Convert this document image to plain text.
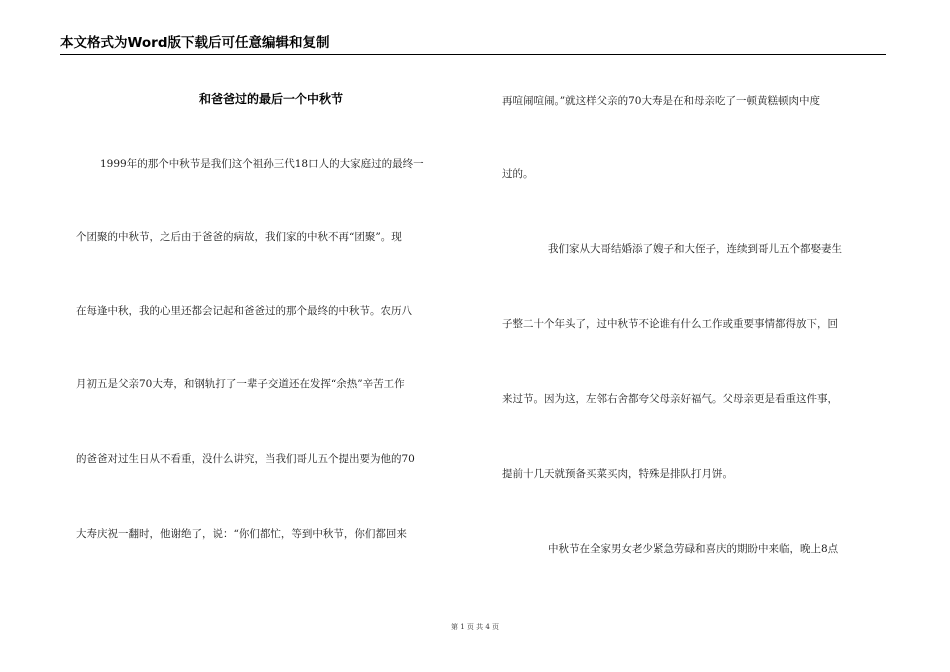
本文格式为Word版下载后可任意编辑和复制
和爸爸过的最后一个中秋节
1999年的那个中秋节是我们这个祖孙三代18口人的大家庭过的最终一
个团聚的中秋节，之后由于爸爸的病故，我们家的中秋不再“团聚”。现
在每逢中秋，我的心里还都会记起和爸爸过的那个最终的中秋节。农历八
月初五是父亲70大寿，和钢轨打了一辈子交道还在发挥“余热”辛苦工作
的爸爸对过生日从不看重，没什么讲究，当我们哥儿五个提出要为他的70
大寿庆祝一翻时，他谢绝了，说：“你们都忙，等到中秋节，你们都回来
再喧闹喧闹。”就这样父亲的70大寿是在和母亲吃了一顿黄糕顿肉中度
过的。
我们家从大哥结婚添了嫂子和大侄子，连续到哥儿五个都娶妻生
子整二十个年头了，过中秋节不论谁有什么工作或重要事情都得放下，回
来过节。因为这，左邻右舍都夸父母亲好福气。父母亲更是看重这件事，
提前十几天就预备买菜买肉，特殊是排队打月饼。
中秋节在全家男女老少紧急劳碌和喜庆的期盼中来临，晚上8点
第 1 页 共 4 页
